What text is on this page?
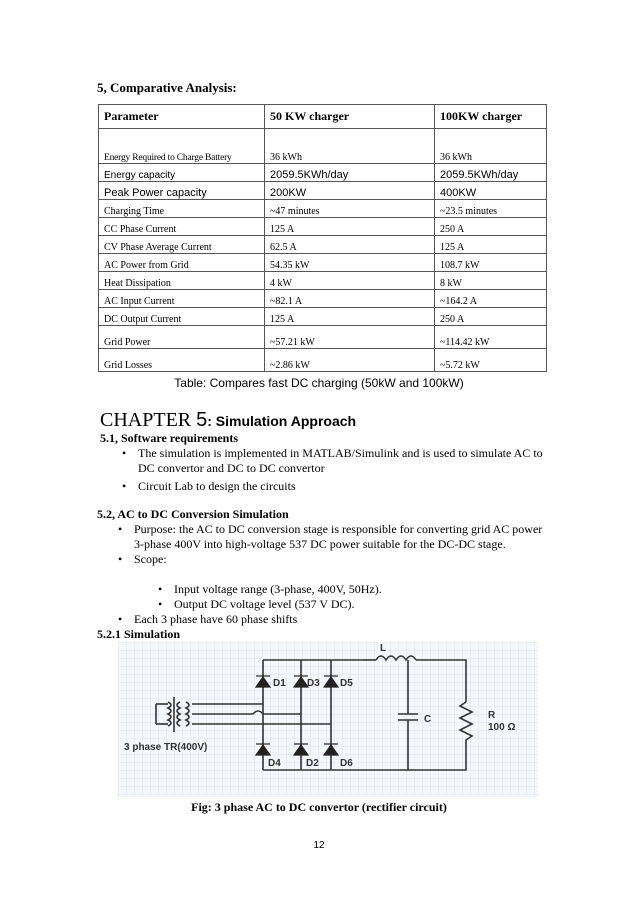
5, Comparative Analysis:
Parameter	50 KW charger	100KW charger
Energy Required to Charge Battery	36 kWh	36 kWh
Energy capacity	2059.5KWh/day	2059.5KWh/day
Peak Power capacity	200KW	400KW
Charging Time	~47 minutes	~23.5 minutes
CC Phase Current	125 A	250 A
CV Phase Average Current	62.5 A	125 A
AC Power from Grid	54.35 kW	108.7 kW
Heat Dissipation	4 kW	8 kW
AC Input Current	~82.1 A	~164.2 A
DC Output Current	125 A	250 A
Grid Power	~57.21 kW	~114.42 kW
Grid Losses	~2.86 kW	~5.72 kW
Table: Compares fast DC charging (50kW and 100kW)
CHAPTER 5: Simulation Approach
5.1, Software requirements
• The simulation is implemented in MATLAB/Simulink and is used to simulate AC to DC convertor and DC to DC convertor
• Circuit Lab to design the circuits
5.2, AC to DC Conversion Simulation
• Purpose: the AC to DC conversion stage is responsible for converting grid AC power 3-phase 400V into high-voltage 537 DC power suitable for the DC-DC stage.
• Scope:
• Input voltage range (3-phase, 400V, 50Hz).
• Output DC voltage level (537 V DC).
• Each 3 phase have 60 phase shifts
5.2.1 Simulation
D1 D3 D5
D4	D2 D6
L
C	R
100 Ω
3 phase TR(400V)
Fig: 3 phase AC to DC convertor (rectifier circuit)
12
